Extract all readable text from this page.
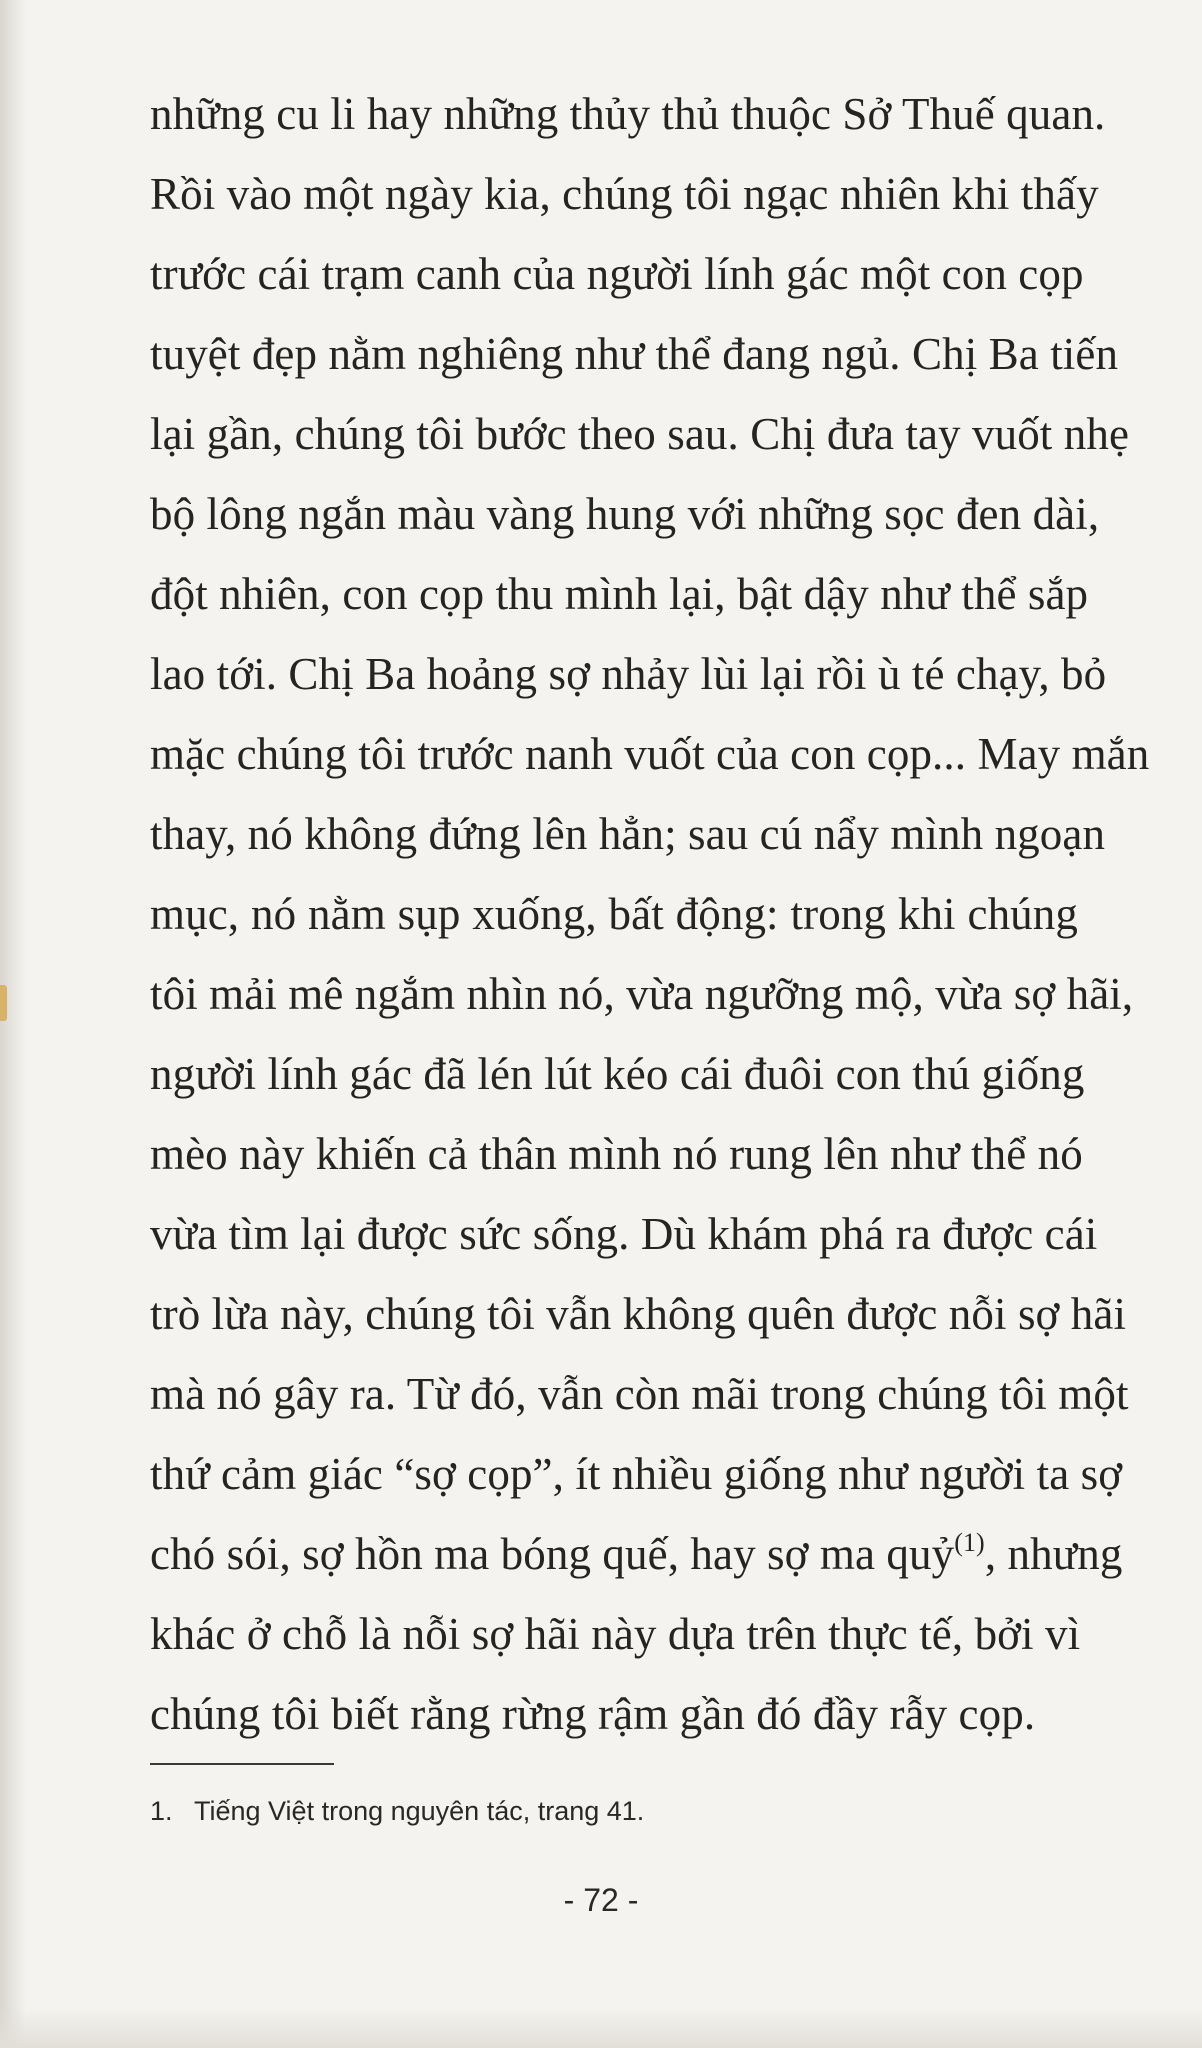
những cu li hay những thủy thủ thuộc Sở Thuế quan.
Rồi vào một ngày kia, chúng tôi ngạc nhiên khi thấy
trước cái trạm canh của người lính gác một con cọp
tuyệt đẹp nằm nghiêng như thể đang ngủ. Chị Ba tiến
lại gần, chúng tôi bước theo sau. Chị đưa tay vuốt nhẹ
bộ lông ngắn màu vàng hung với những sọc đen dài,
đột nhiên, con cọp thu mình lại, bật dậy như thể sắp
lao tới. Chị Ba hoảng sợ nhảy lùi lại rồi ù té chạy, bỏ
mặc chúng tôi trước nanh vuốt của con cọp... May mắn
thay, nó không đứng lên hẳn; sau cú nẩy mình ngoạn
mục, nó nằm sụp xuống, bất động: trong khi chúng
tôi mải mê ngắm nhìn nó, vừa ngưỡng mộ, vừa sợ hãi,
người lính gác đã lén lút kéo cái đuôi con thú giống
mèo này khiến cả thân mình nó rung lên như thể nó
vừa tìm lại được sức sống. Dù khám phá ra được cái
trò lừa này, chúng tôi vẫn không quên được nỗi sợ hãi
mà nó gây ra. Từ đó, vẫn còn mãi trong chúng tôi một
thứ cảm giác “sợ cọp”, ít nhiều giống như người ta sợ
chó sói, sợ hồn ma bóng quế, hay sợ ma quỷ$^{(1)}$, nhưng
khác ở chỗ là nỗi sợ hãi này dựa trên thực tế, bởi vì
chúng tôi biết rằng rừng rậm gần đó đầy rẫy cọp.
1. Tiếng Việt trong nguyên tác, trang 41.
- 72 -
